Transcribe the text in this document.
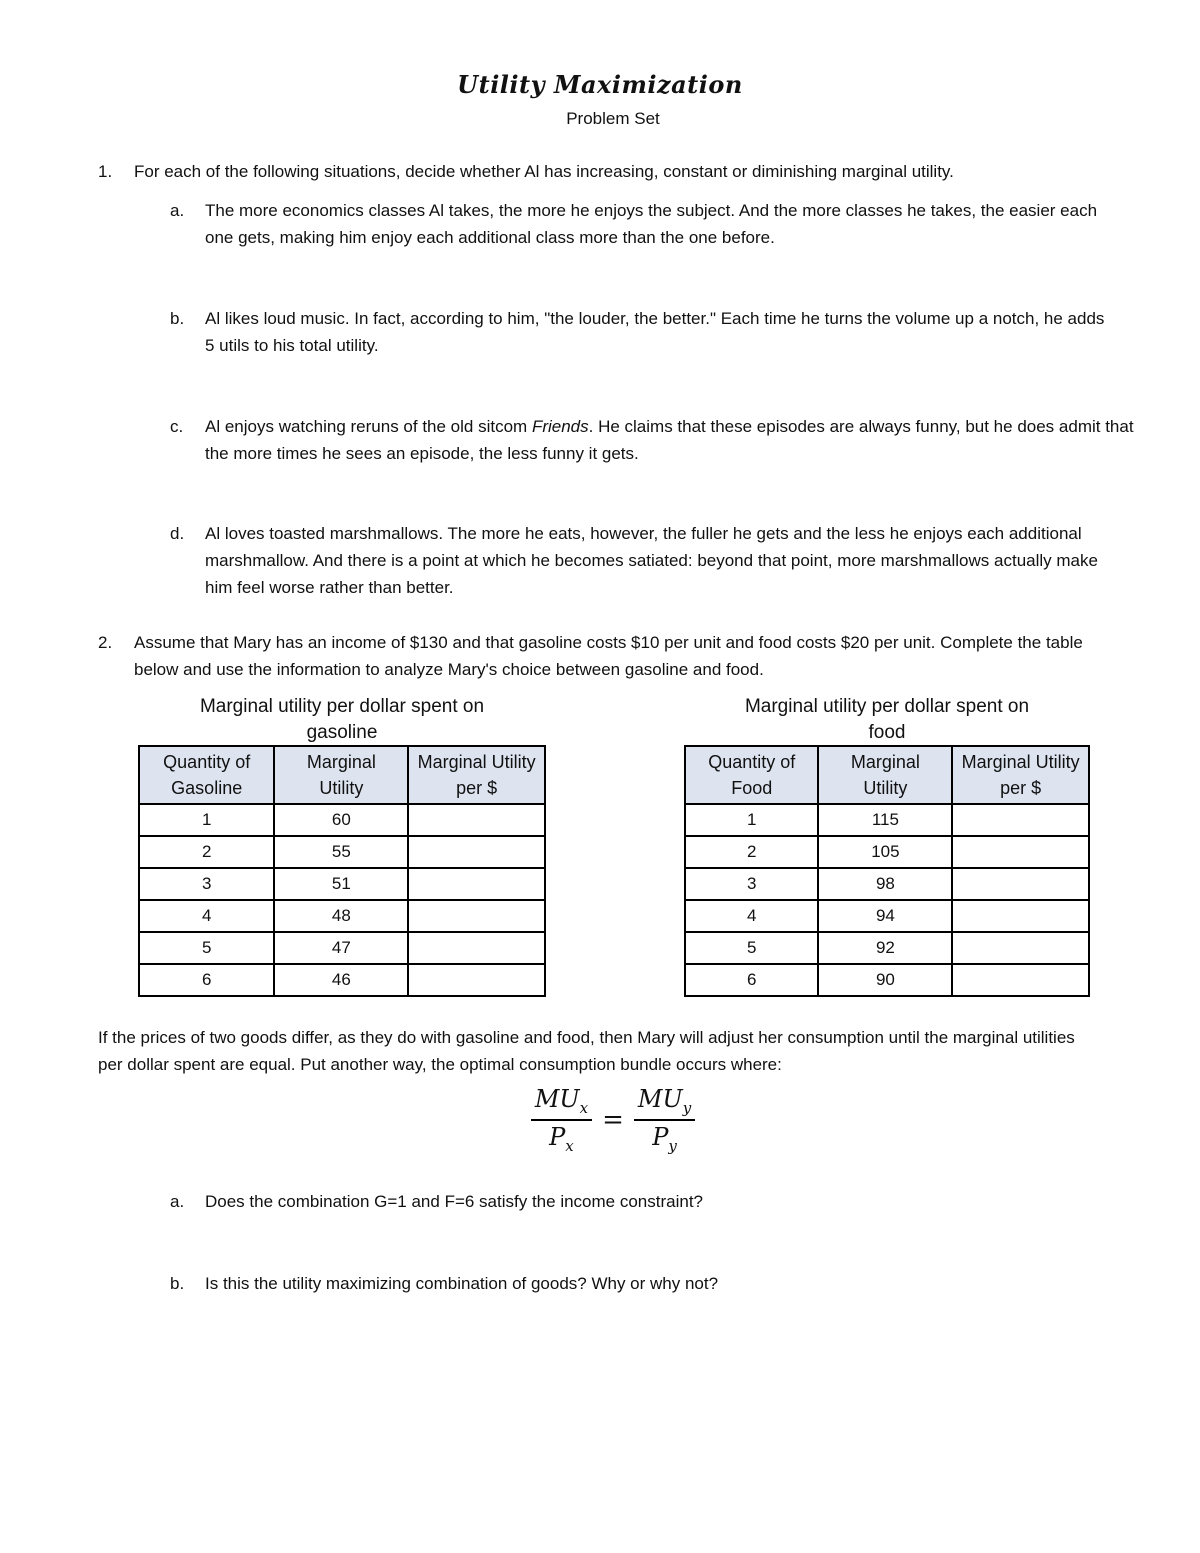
Utility Maximization
Problem Set
1.	For each of the following situations, decide whether Al has increasing, constant or diminishing marginal utility.
a.	The more economics classes Al takes, the more he enjoys the subject. And the more classes he takes, the easier each one gets, making him enjoy each additional class more than the one before.
b.	Al likes loud music. In fact, according to him, "the louder, the better." Each time he turns the volume up a notch, he adds 5 utils to his total utility.
c.	Al enjoys watching reruns of the old sitcom Friends. He claims that these episodes are always funny, but he does admit that the more times he sees an episode, the less funny it gets.
d.	Al loves toasted marshmallows. The more he eats, however, the fuller he gets and the less he enjoys each additional marshmallow. And there is a point at which he becomes satiated: beyond that point, more marshmallows actually make him feel worse rather than better.
2.	Assume that Mary has an income of $130 and that gasoline costs $10 per unit and food costs $20 per unit. Complete the table below and use the information to analyze Mary's choice between gasoline and food.
Marginal utility per dollar spent on gasoline
Quantity of Gasoline	Marginal Utility	Marginal Utility per $

1	60	
2	55	
3	51	
4	48	
5	47	
6	46	
Marginal utility per dollar spent on food
Quantity of Food	Marginal Utility	Marginal Utility per $

1	115	
2	105	
3	98	
4	94	
5	92	
6	90	
If the prices of two goods differ, as they do with gasoline and food, then Mary will adjust her consumption until the marginal utilities per dollar spent are equal. Put another way, the optimal consumption bundle occurs where:
$\frac{MU_x}{P_x} = \frac{MU_y}{P_y}$
a.	Does the combination G=1 and F=6 satisfy the income constraint?
b.	Is this the utility maximizing combination of goods? Why or why not?
